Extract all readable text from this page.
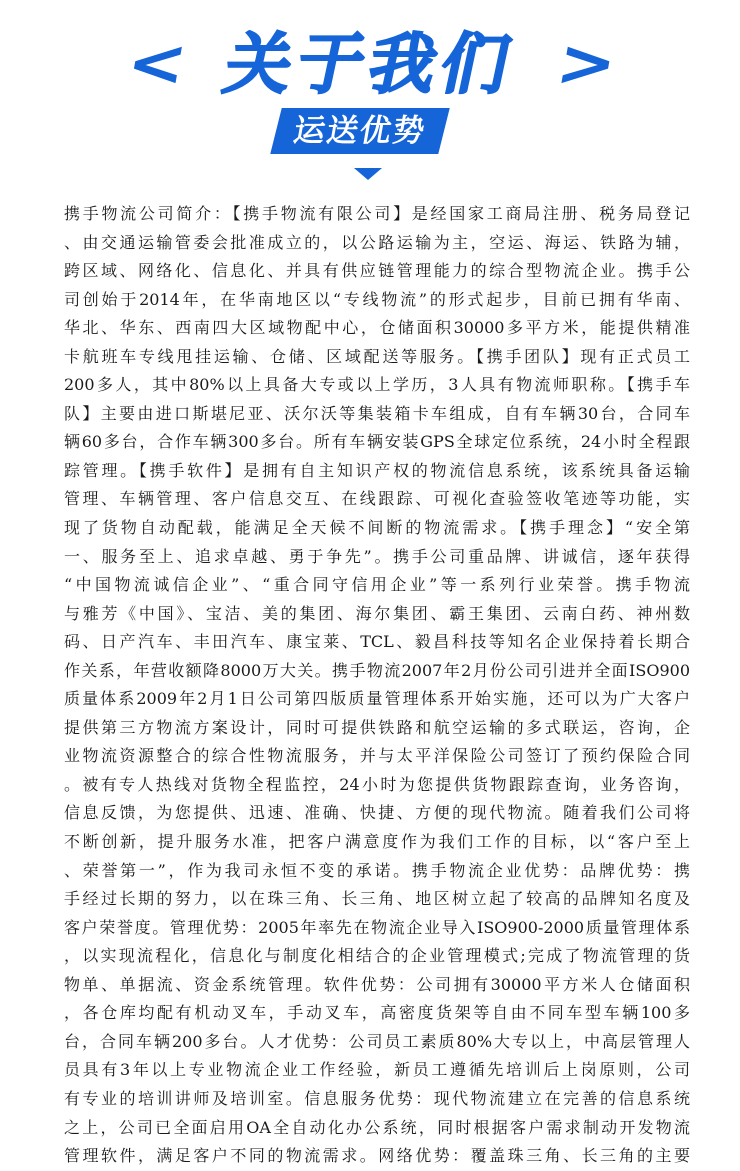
< 关于我们 >
运送优势
携手物流公司简介：【携手物流有限公司】是经国家工商局注册、税务局登记
、由交通运输管委会批准成立的，以公路运输为主，空运、海运、铁路为辅，
跨区域、网络化、信息化、并具有供应链管理能力的综合型物流企业。携手公
司创始于2014年，在华南地区以“专线物流”的形式起步，目前已拥有华南、
华北、华东、西南四大区域物配中心，仓储面积30000多平方米，能提供精准
卡航班车专线甩挂运输、仓储、区域配送等服务。【携手团队】现有正式员工
200多人，其中80%以上具备大专或以上学历，3人具有物流师职称。【携手车
队】主要由进口斯堪尼亚、沃尔沃等集装箱卡车组成，自有车辆30台，合同车
辆60多台，合作车辆300多台。所有车辆安装GPS全球定位系统，24小时全程跟
踪管理。【携手软件】是拥有自主知识产权的物流信息系统，该系统具备运输
管理、车辆管理、客户信息交互、在线跟踪、可视化查验签收笔迹等功能，实
现了货物自动配载，能满足全天候不间断的物流需求。【携手理念】“安全第
一、服务至上、追求卓越、勇于争先”。携手公司重品牌、讲诚信，逐年获得
“中国物流诚信企业”、“重合同守信用企业”等一系列行业荣誉。携手物流
与雅芳《中国》、宝洁、美的集团、海尔集团、霸王集团、云南白药、神州数
码、日产汽车、丰田汽车、康宝莱、TCL、毅昌科技等知名企业保持着长期合
作关系，年营收额降8000万大关。携手物流2007年2月份公司引进并全面ISO900
质量体系2009年2月1日公司第四版质量管理体系开始实施，还可以为广大客户
提供第三方物流方案设计，同时可提供铁路和航空运输的多式联运，咨询，企
业物流资源整合的综合性物流服务，并与太平洋保险公司签订了预约保险合同
。被有专人热线对货物全程监控，24小时为您提供货物跟踪查询，业务咨询，
信息反馈，为您提供、迅速、准确、快捷、方便的现代物流。随着我们公司将
不断创新，提升服务水准，把客户满意度作为我们工作的目标，以“客户至上
、荣誉第一”，作为我司永恒不变的承诺。携手物流企业优势：品牌优势：携
手经过长期的努力，以在珠三角、长三角、地区树立起了较高的品牌知名度及
客户荣誉度。管理优势：2005年率先在物流企业导入ISO900-2000质量管理体系
，以实现流程化，信息化与制度化相结合的企业管理模式;完成了物流管理的货
物单、单据流、资金系统管理。软件优势：公司拥有30000平方米人仓储面积
，各仓库均配有机动叉车，手动叉车，高密度货架等自由不同车型车辆100多
台，合同车辆200多台。人才优势：公司员工素质80%大专以上，中高层管理人
员具有3年以上专业物流企业工作经验，新员工遵循先培训后上岗原则，公司
有专业的培训讲师及培训室。信息服务优势：现代物流建立在完善的信息系统
之上，公司已全面启用OA全自动化办公系统，同时根据客户需求制动开发物流
管理软件，满足客户不同的物流需求。网络优势：覆盖珠三角、长三角的主要
